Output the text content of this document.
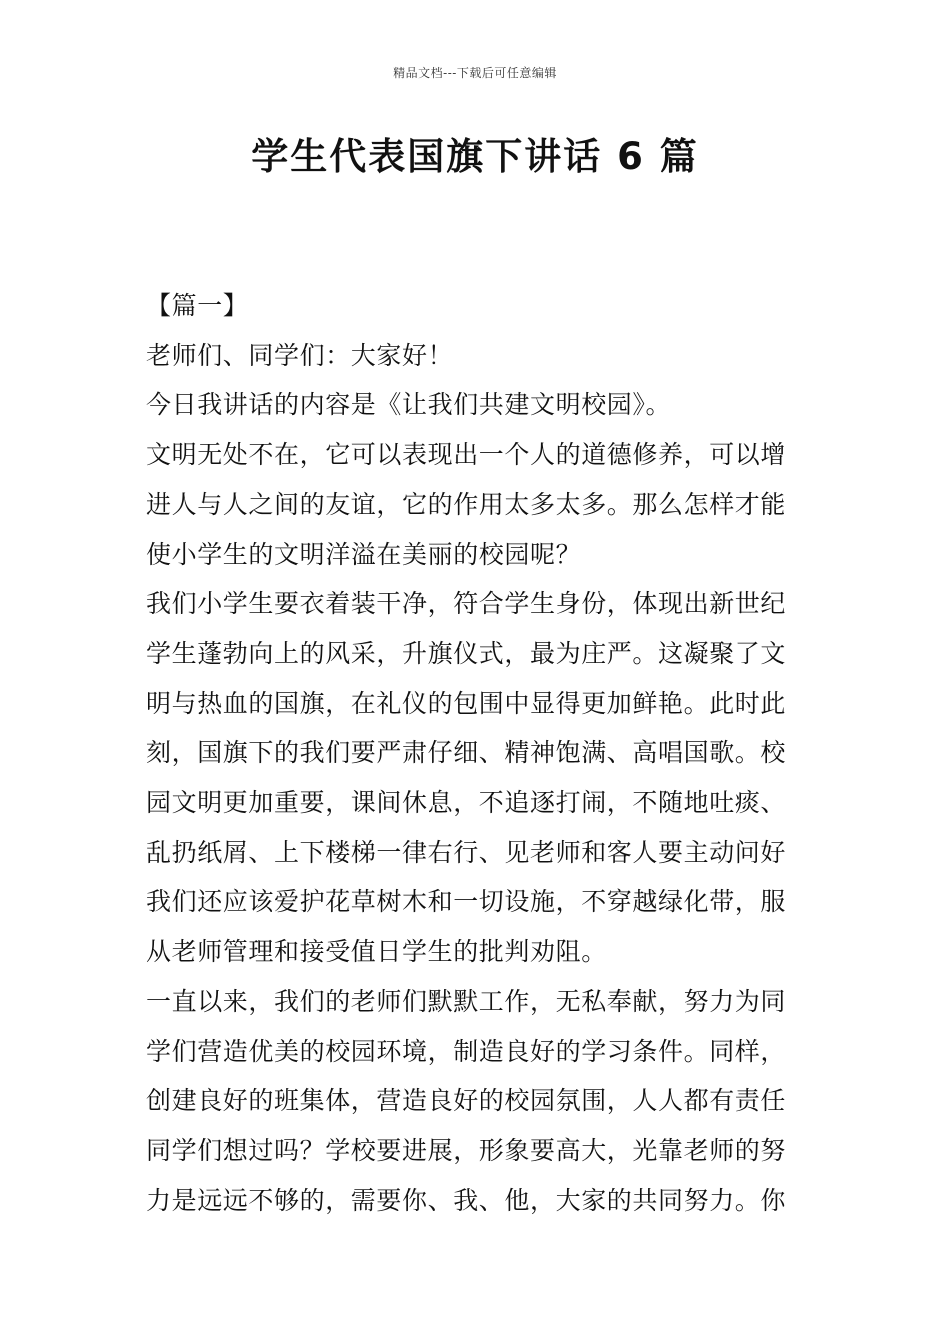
精品文档---下载后可任意编辑
学生代表国旗下讲话 6 篇
【篇一】
老师们、同学们：大家好！
今日我讲话的内容是《让我们共建文明校园》。
文明无处不在，它可以表现出一个人的道德修养，可以增进人与人之间的友谊，它的作用太多太多。那么怎样才能使小学生的文明洋溢在美丽的校园呢？
我们小学生要衣着装干净，符合学生身份，体现出新世纪学生蓬勃向上的风采，升旗仪式，最为庄严。这凝聚了文明与热血的国旗，在礼仪的包围中显得更加鲜艳。此时此刻，国旗下的我们要严肃仔细、精神饱满、高唱国歌。校园文明更加重要，课间休息，不追逐打闹，不随地吐痰、乱扔纸屑、上下楼梯一律右行、见老师和客人要主动问好我们还应该爱护花草树木和一切设施，不穿越绿化带，服从老师管理和接受值日学生的批判劝阻。
一直以来，我们的老师们默默工作，无私奉献，努力为同学们营造优美的校园环境，制造良好的学习条件。同样，创建良好的班集体，营造良好的校园氛围，人人都有责任同学们想过吗？学校要进展，形象要高大，光靠老师的努力是远远不够的，需要你、我、他，大家的共同努力。你
